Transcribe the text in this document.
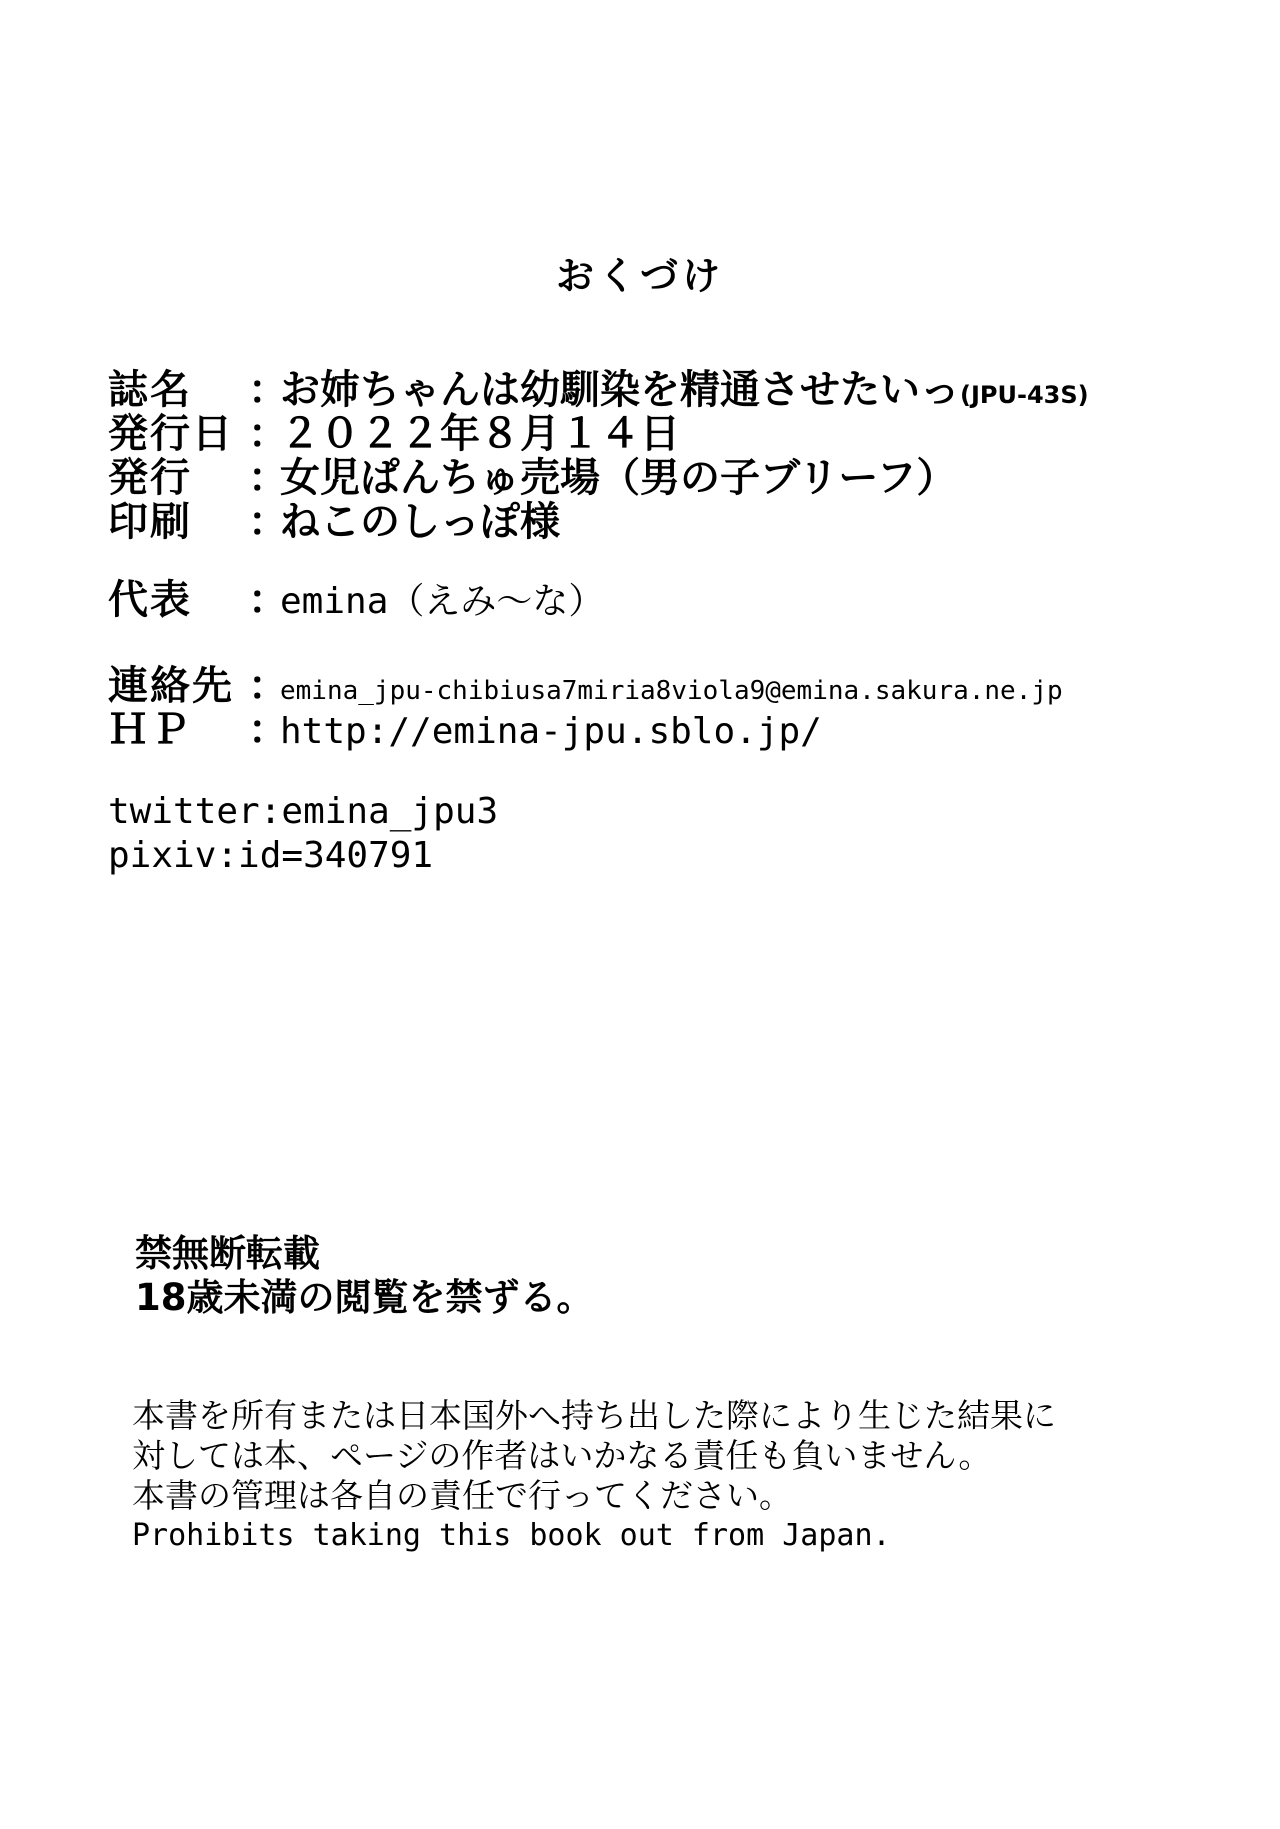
おくづけ
誌名 ：お姉ちゃんは幼馴染を精通させたいっ(JPU-43S)
発行日 ：２０２２年８月１４日
発行 ：女児ぱんちゅ売場（男の子ブリーフ）
印刷 ：ねこのしっぽ様
代表 ：emina（えみ～な）
連絡先 ：emina_jpu-chibiusa7miria8viola9@emina.sakura.ne.jp
ＨＰ ：http://emina-jpu.sblo.jp/
twitter:emina_jpu3
pixiv:id=340791
禁無断転載
18歳未満の閲覧を禁ずる。
本書を所有または日本国外へ持ち出した際により生じた結果に
対しては本、ページの作者はいかなる責任も負いません。
本書の管理は各自の責任で行ってください。
Prohibits taking this book out from Japan.
